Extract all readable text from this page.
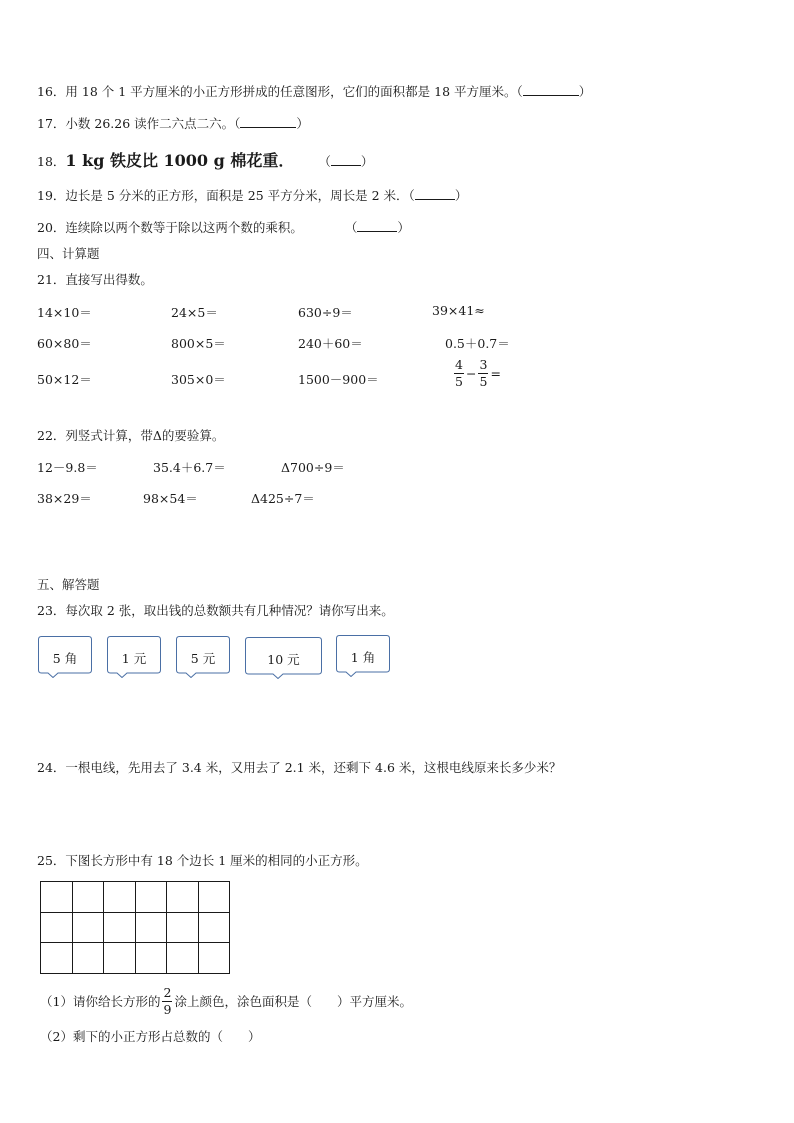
16．用 18 个 1 平方厘米的小正方形拼成的任意图形，它们的面积都是 18 平方厘米。（	）
17．小数 26.26 读作二六点二六。（	）
18．1 kg 铁皮比 1000 g 棉花重． （ ）
19．边长是 5 分米的正方形，面积是 25 平方分米，周长是 2 米．（	）
20．连续除以两个数等于除以这两个数的乘积。	（	）
四、计算题
21．直接写出得数。
14×10＝	24×5＝	630÷9＝	39×41≈
60×80＝	800×5＝	240＋60＝	0.5＋0.7＝
50×12＝	305×0＝	1500－900＝	$\frac{4}{5} - \frac{3}{5}$ =
22．列竖式计算，带Δ的要验算。
12－9.8＝	35.4＋6.7＝	Δ700÷9＝
38×29＝	98×54＝	Δ425÷7＝
五、解答题
23．每次取 2 张，取出钱的总数额共有几种情况？请你写出来。
5 角	1 元	5 元	10 元	1 角
24．一根电线，先用去了 3.4 米，又用去了 2.1 米，还剩下 4.6 米，这根电线原来长多少米？
25．下图长方形中有 18 个边长 1 厘米的相同的小正方形。

（1）请你给长方形的 $\frac{2}{9}$ 涂上颜色，涂色面积是（　　）平方厘米。
（2）剩下的小正方形占总数的（　　）
